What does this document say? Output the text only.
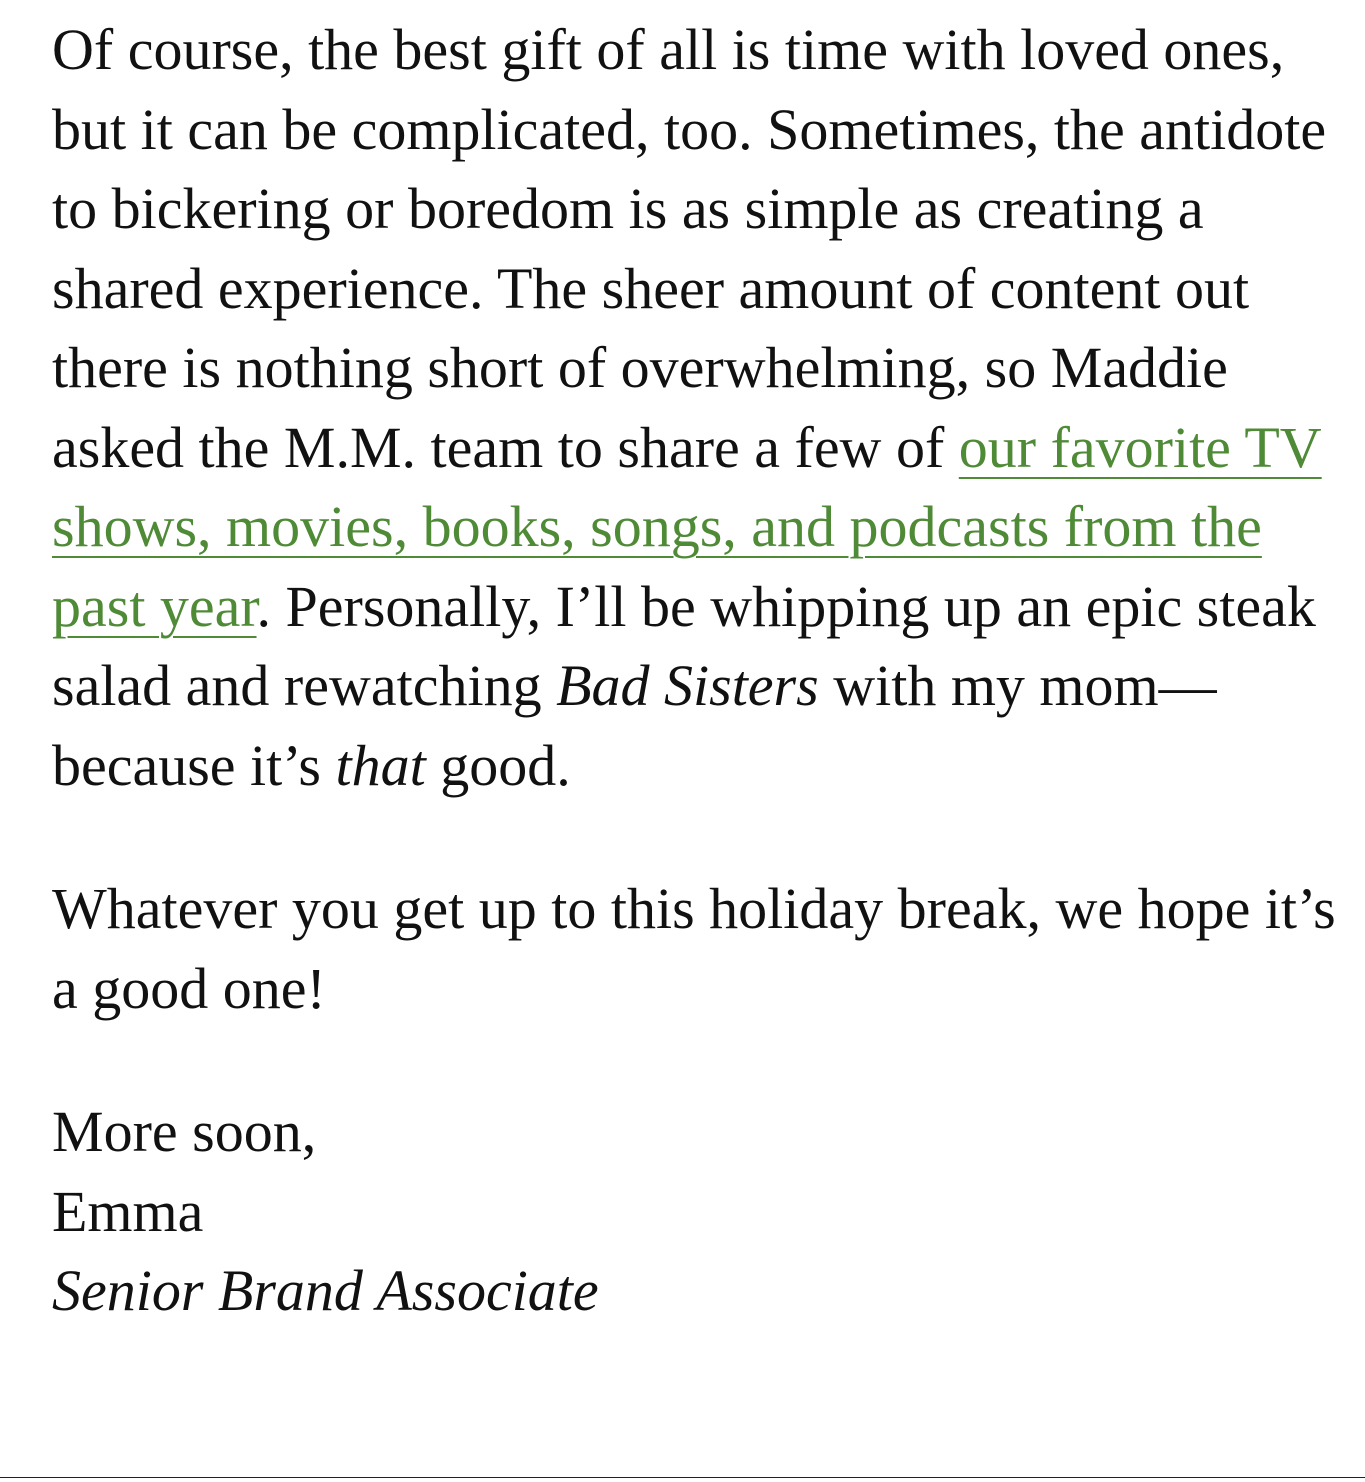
Of course, the best gift of all is time with loved ones, but it can be complicated, too. Sometimes, the antidote to bickering or boredom is as simple as creating a shared experience. The sheer amount of content out there is nothing short of overwhelming, so Maddie asked the M.M. team to share a few of our favorite TV shows, movies, books, songs, and podcasts from the past year. Personally, I’ll be whipping up an epic steak salad and rewatching Bad Sisters with my mom—because it’s that good.

Whatever you get up to this holiday break, we hope it’s a good one!

More soon,
Emma
Senior Brand Associate
